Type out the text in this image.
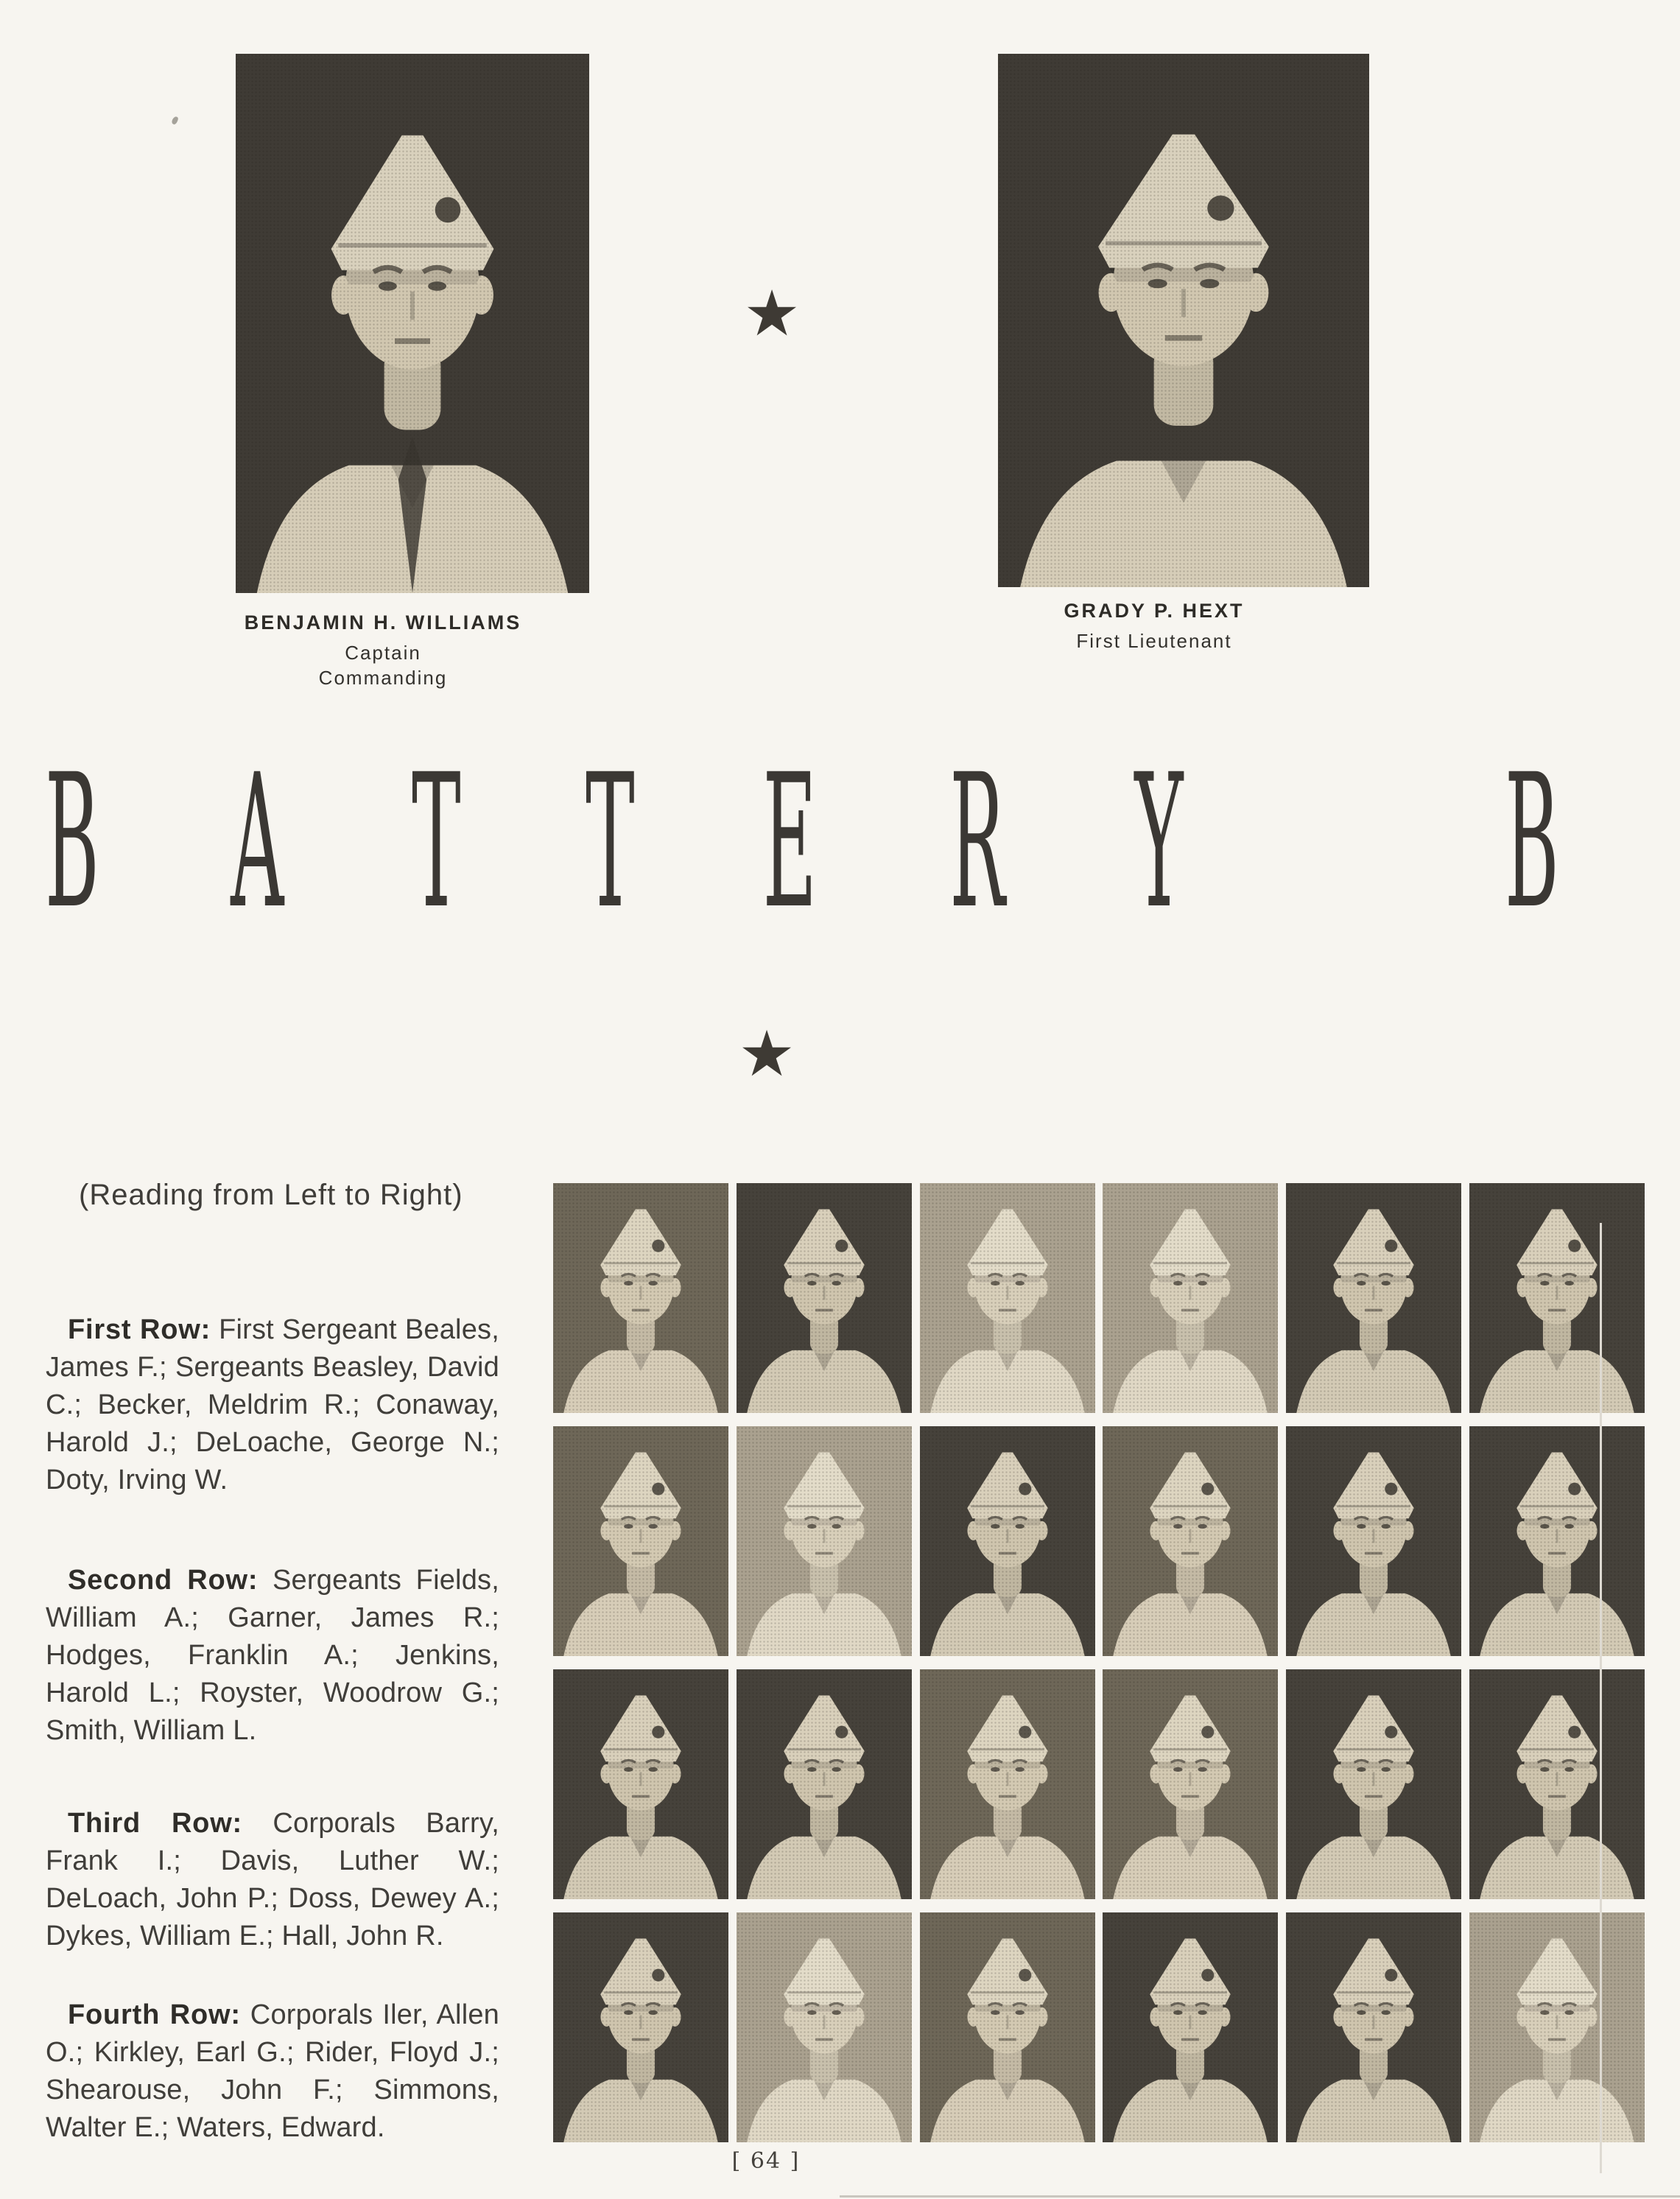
★
BENJAMIN H. WILLIAMS
Captain
Commanding
GRADY P. HEXT
First Lieutenant
B A T T E R Y B
★
(Reading from Left to Right)

First Row: First Sergeant Beales, James F.; Sergeants Beasley, David C.; Becker, Meldrim R.; Conaway, Harold J.; DeLoache, George N.; Doty, Irving W.

Second Row: Sergeants Fields, William A.; Garner, James R.; Hodges, Franklin A.; Jenkins, Harold L.; Royster, Woodrow G.; Smith, William L.

Third Row: Corporals Barry, Frank I.; Davis, Luther W.; DeLoach, John P.; Doss, Dewey A.; Dykes, William E.; Hall, John R.

Fourth Row: Corporals Iler, Allen O.; Kirkley, Earl G.; Rider, Floyd J.; Shearouse, John F.; Simmons, Walter E.; Waters, Edward.

[ 64 ]
